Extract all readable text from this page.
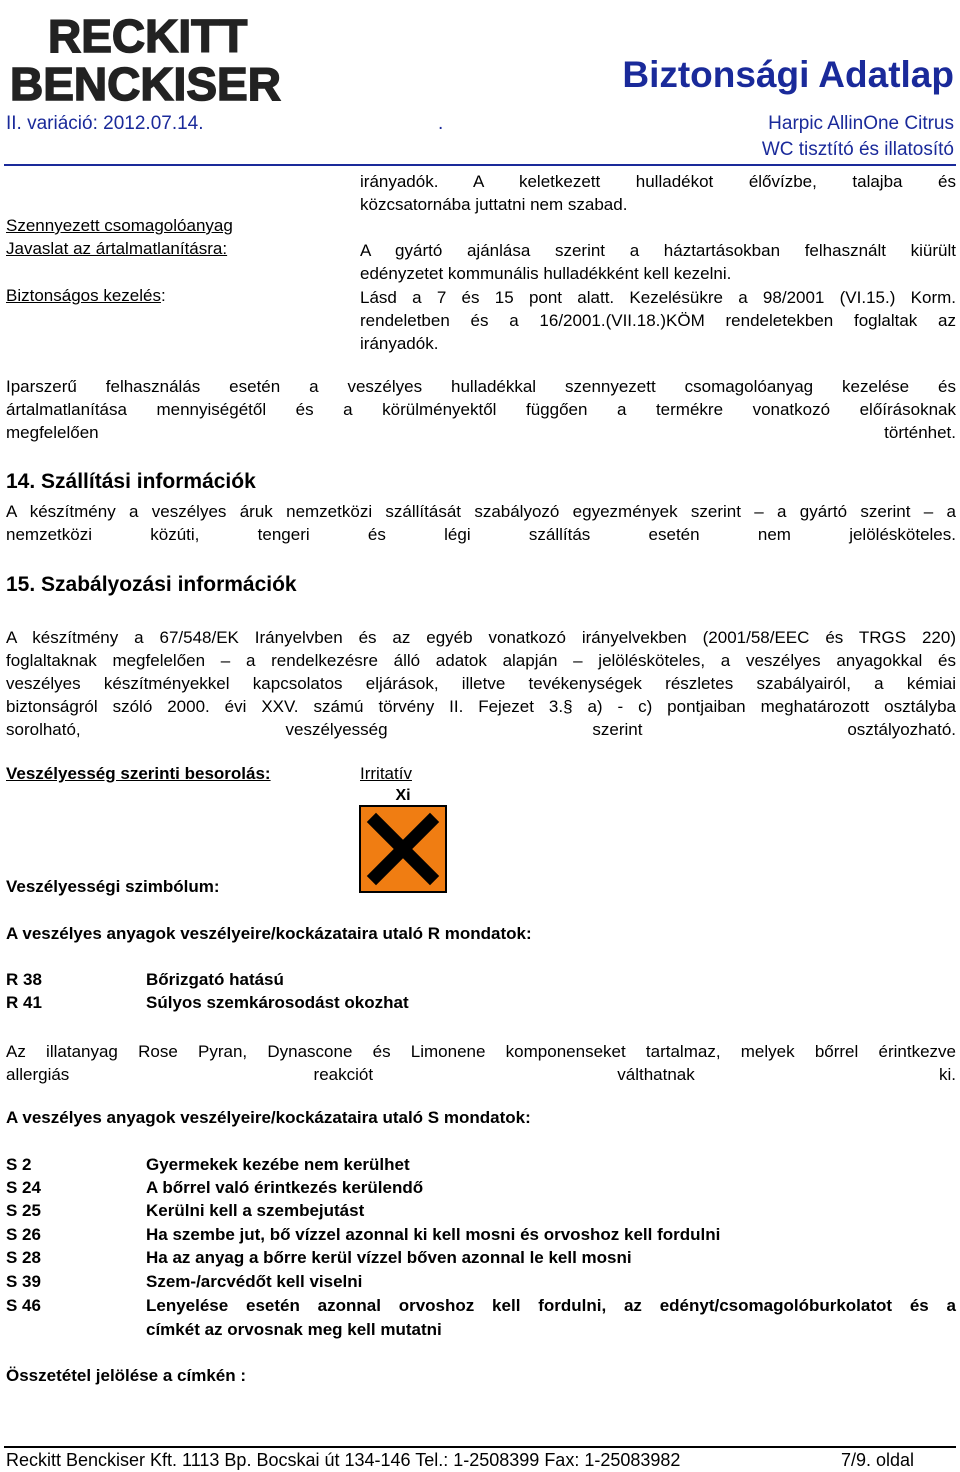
RECKITT
BENCKISER	Biztonsági Adatlap
II. variáció: 2012.07.14.	.	Harpic AllinOne Citrus
WC tisztító és illatosító
irányadók. A keletkezett hulladékot élővízbe, talajba és
közcsatornába juttatni nem szabad.
Szennyezett csomagolóanyag
Javaslat az ártalmatlanításra:	A gyártó ajánlása szerint a háztartásokban felhasznált kiürült
edényzetet kommunális hulladékként kell kezelni.
Biztonságos kezelés:	Lásd a 7 és 15 pont alatt. Kezelésükre a 98/2001 (VI.15.) Korm.
rendeletben és a 16/2001.(VII.18.)KÖM rendeletekben foglaltak az
irányadók.
Iparszerű felhasználás esetén a veszélyes hulladékkal szennyezett csomagolóanyag kezelése és
ártalmatlanítása mennyiségétől és a körülményektől függően a termékre vonatkozó előírásoknak
megfelelően történhet.
14. Szállítási információk
A készítmény a veszélyes áruk nemzetközi szállítását szabályozó egyezmények szerint – a gyártó szerint – a
nemzetközi közúti, tengeri és légi szállítás esetén nem jelölésköteles.
15. Szabályozási információk
A készítmény a 67/548/EK Irányelvben és az egyéb vonatkozó irányelvekben (2001/58/EEC és TRGS 220)
foglaltaknak megfelelően – a rendelkezésre álló adatok alapján – jelölésköteles, a veszélyes anyagokkal és
veszélyes készítményekkel kapcsolatos eljárások, illetve tevékenységek részletes szabályairól, a kémiai
biztonságról szóló 2000. évi XXV. számú törvény II. Fejezet 3.§ a) - c) pontjaiban meghatározott osztályba
sorolható, veszélyesség szerint osztályozható.
Veszélyesség szerinti besorolás:	Irritatív
Xi
Veszélyességi szimbólum:
A veszélyes anyagok veszélyeire/kockázataira utaló R mondatok:
R 38	Bőrizgató hatású
R 41	Súlyos szemkárosodást okozhat
Az illatanyag Rose Pyran, Dynascone és Limonene komponenseket tartalmaz, melyek bőrrel érintkezve
allergiás reakciót válthatnak ki.
A veszélyes anyagok veszélyeire/kockázataira utaló S mondatok:
S 2	Gyermekek kezébe nem kerülhet
S 24	A bőrrel való érintkezés kerülendő
S 25	Kerülni kell a szembejutást
S 26	Ha szembe jut, bő vízzel azonnal ki kell mosni és orvoshoz kell fordulni
S 28	Ha az anyag a bőrre kerül vízzel bőven azonnal le kell mosni
S 39	Szem-/arcvédőt kell viselni
S 46	Lenyelése esetén azonnal orvoshoz kell fordulni, az edényt/csomagolóburkolatot és a
címkét az orvosnak meg kell mutatni
Összetétel jelölése a címkén :
Reckitt Benckiser Kft. 1113 Bp. Bocskai út 134-146 Tel.: 1-2508399 Fax: 1-25083982	7/9. oldal
